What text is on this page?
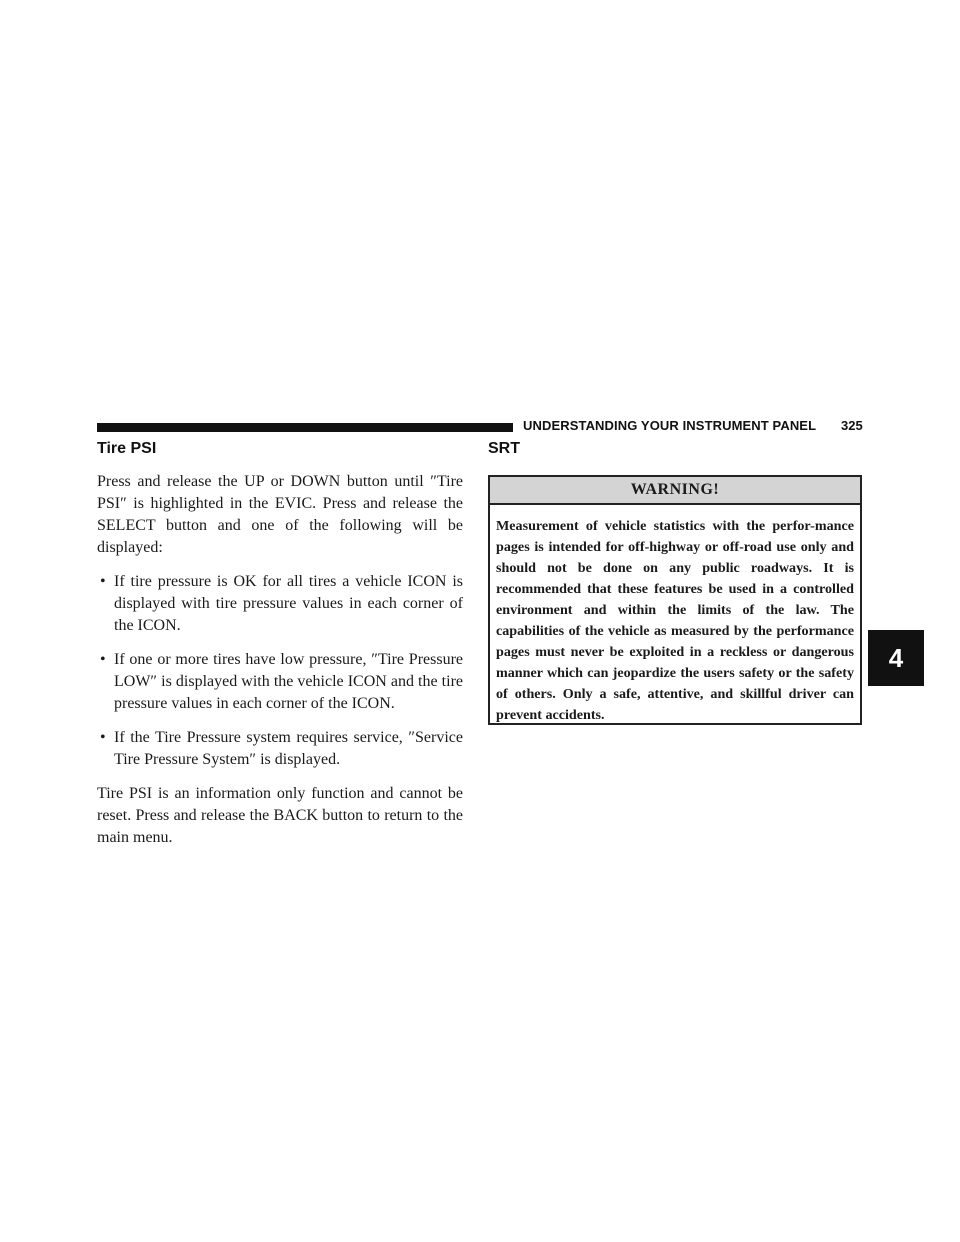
UNDERSTANDING YOUR INSTRUMENT PANEL 325
Tire PSI	SRT

Press and release the UP or DOWN button until ″Tire PSI″ is highlighted in the EVIC. Press and release the SELECT button and one of the following will be displayed:

• If tire pressure is OK for all tires a vehicle ICON is displayed with tire pressure values in each corner of the ICON.
• If one or more tires have low pressure, ″Tire Pressure LOW″ is displayed with the vehicle ICON and the tire pressure values in each corner of the ICON.
• If the Tire Pressure system requires service, ″Service Tire Pressure System″ is displayed.

Tire PSI is an information only function and cannot be reset. Press and release the BACK button to return to the main menu.

WARNING!
Measurement of vehicle statistics with the perfor-mance pages is intended for off-highway or off-road use only and should not be done on any public roadways. It is recommended that these features be used in a controlled environment and within the limits of the law. The capabilities of the vehicle as measured by the performance pages must never be exploited in a reckless or dangerous manner which can jeopardize the users safety or the safety of others. Only a safe, attentive, and skillful driver can prevent accidents.
4
